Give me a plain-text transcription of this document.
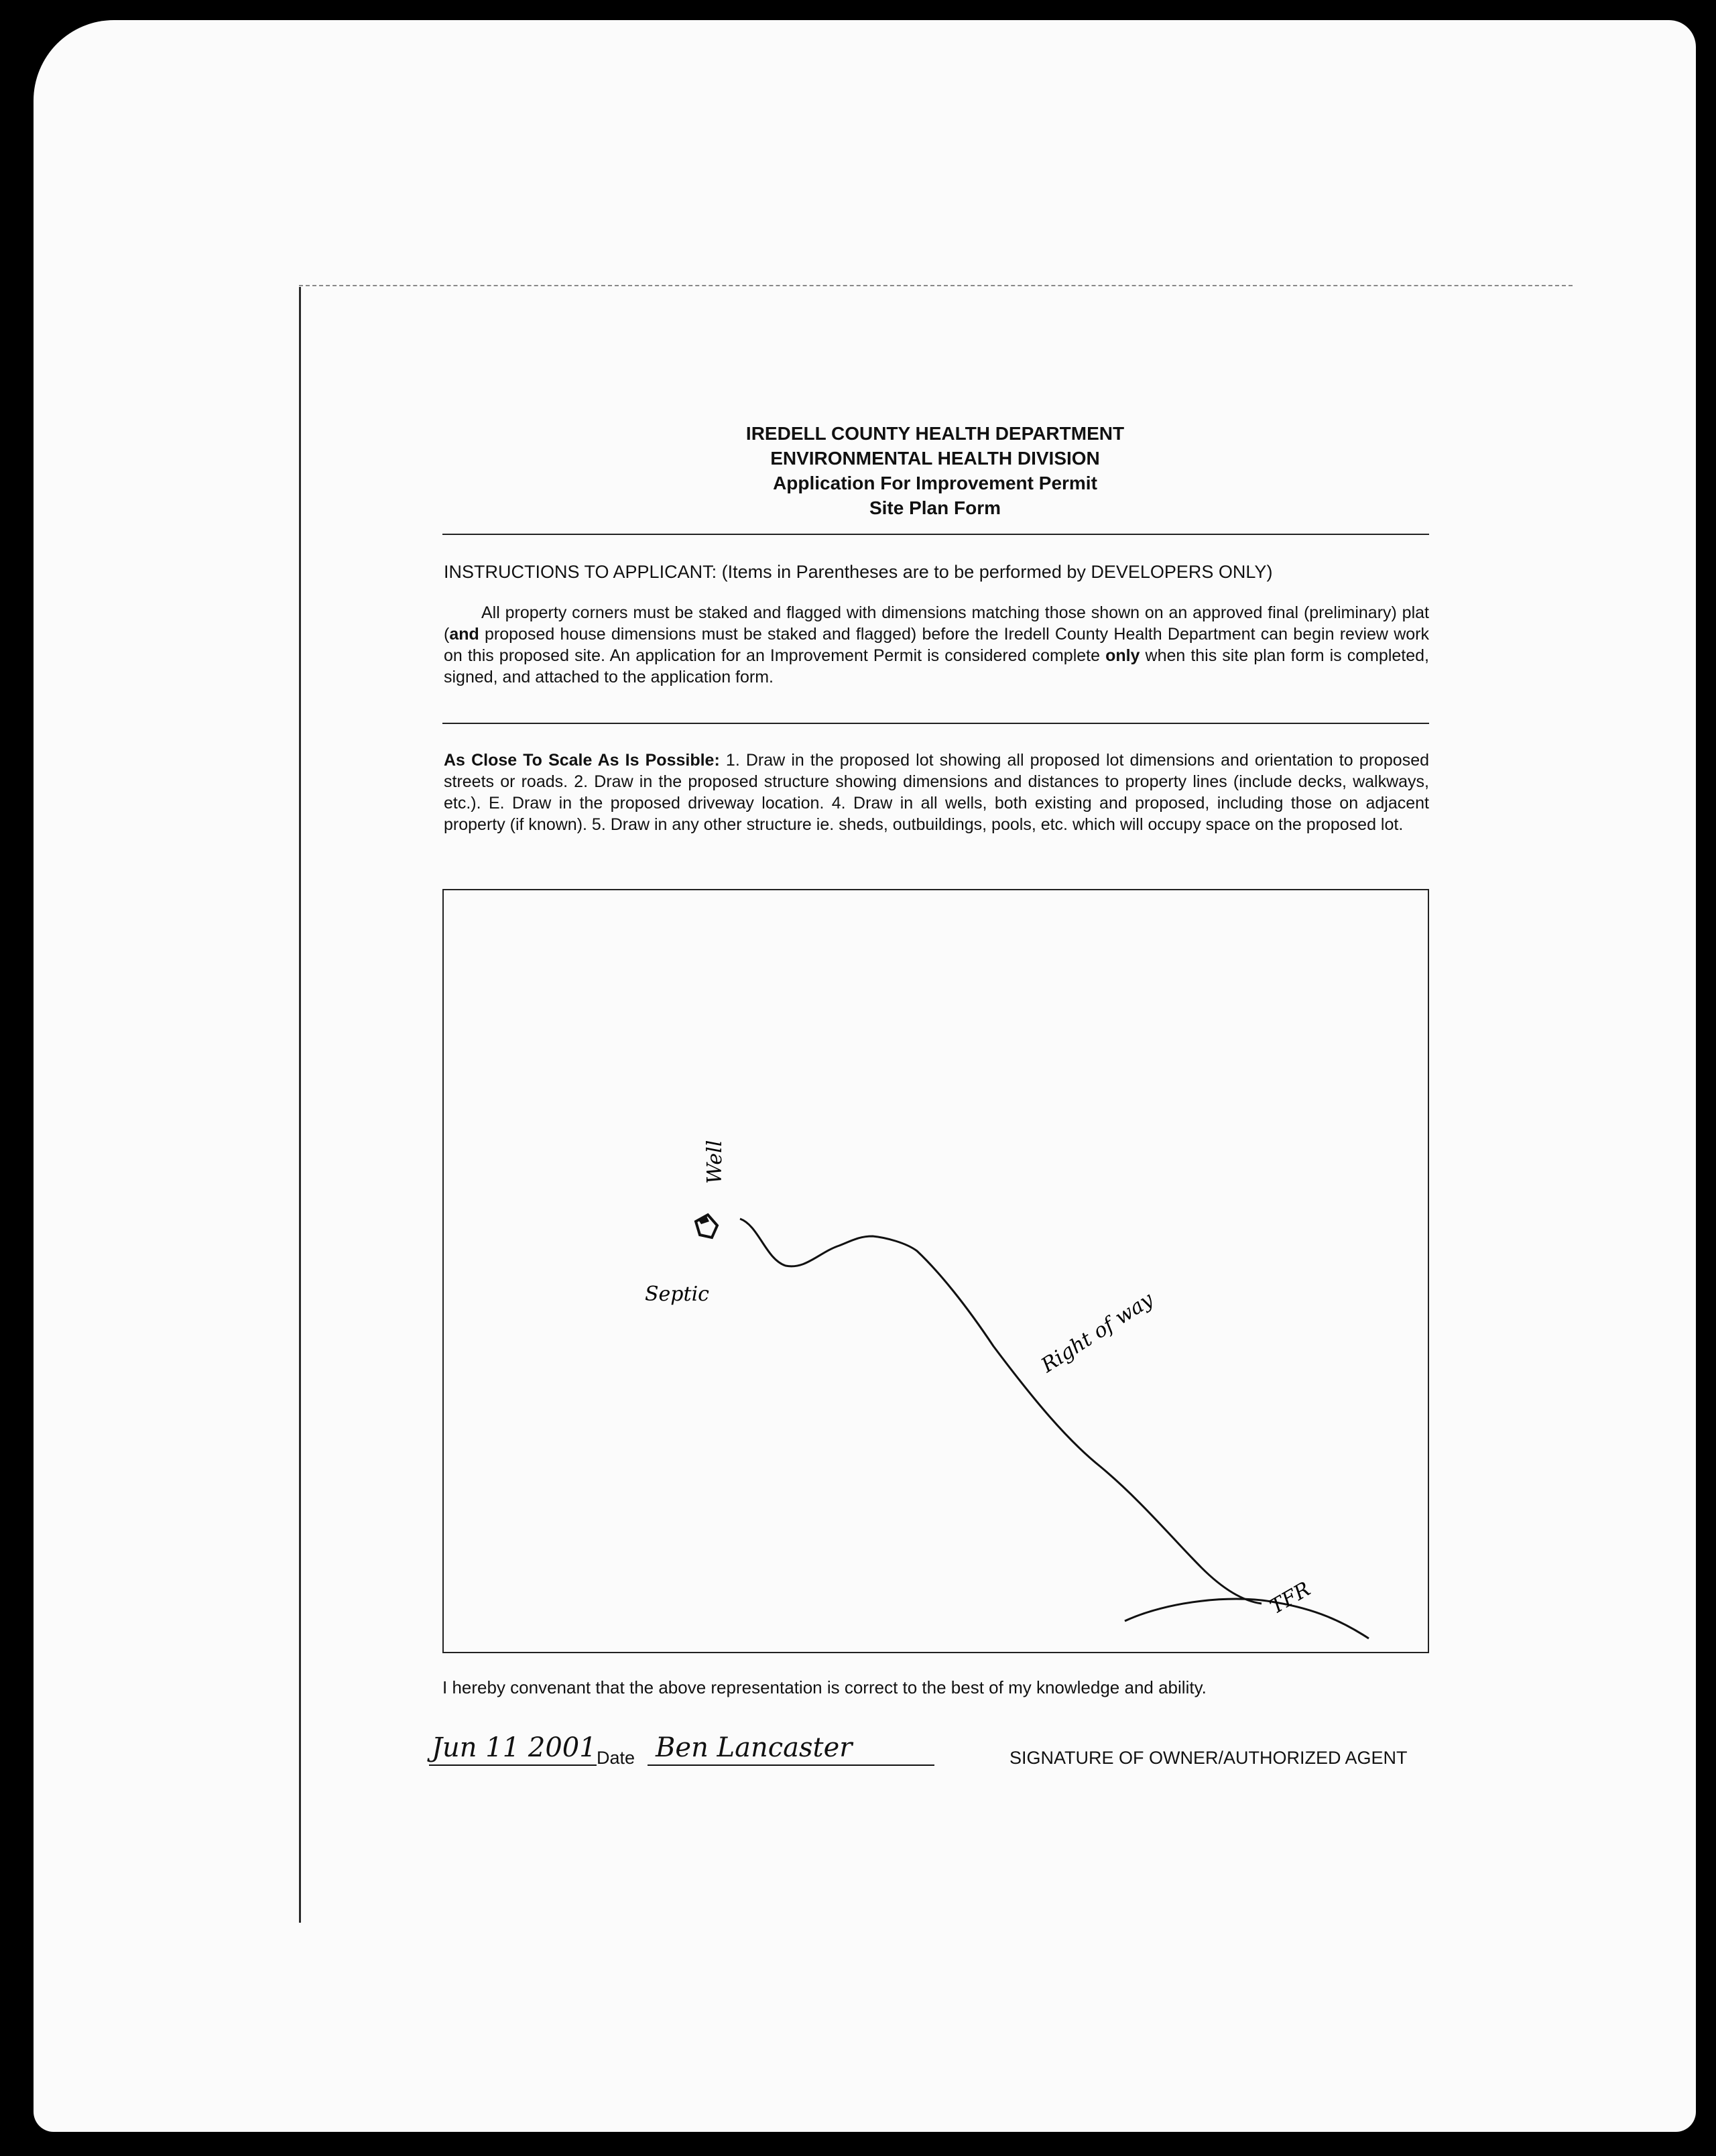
IREDELL COUNTY HEALTH DEPARTMENT
ENVIRONMENTAL HEALTH DIVISION
Application For Improvement Permit
Site Plan Form
INSTRUCTIONS TO APPLICANT: (Items in Parentheses are to be performed by DEVELOPERS ONLY)
All property corners must be staked and flagged with dimensions matching those shown on an approved final (preliminary) plat (and proposed house dimensions must be staked and flagged) before the Iredell County Health Department can begin review work on this proposed site. An application for an Improvement Permit is considered complete only when this site plan form is completed, signed, and attached to the application form.
As Close To Scale As Is Possible: 1. Draw in the proposed lot showing all proposed lot dimensions and orientation to proposed streets or roads. 2. Draw in the proposed structure showing dimensions and distances to property lines (include decks, walkways, etc.). E. Draw in the proposed driveway location. 4. Draw in all wells, both existing and proposed, including those on adjacent property (if known). 5. Draw in any other structure ie. sheds, outbuildings, pools, etc. which will occupy space on the proposed lot.
Well
Septic	Right of way
TFR
I hereby convenant that the above representation is correct to the best of my knowledge and ability.
Jun 11 2001 Date Ben Lancaster	SIGNATURE OF OWNER/AUTHORIZED AGENT
